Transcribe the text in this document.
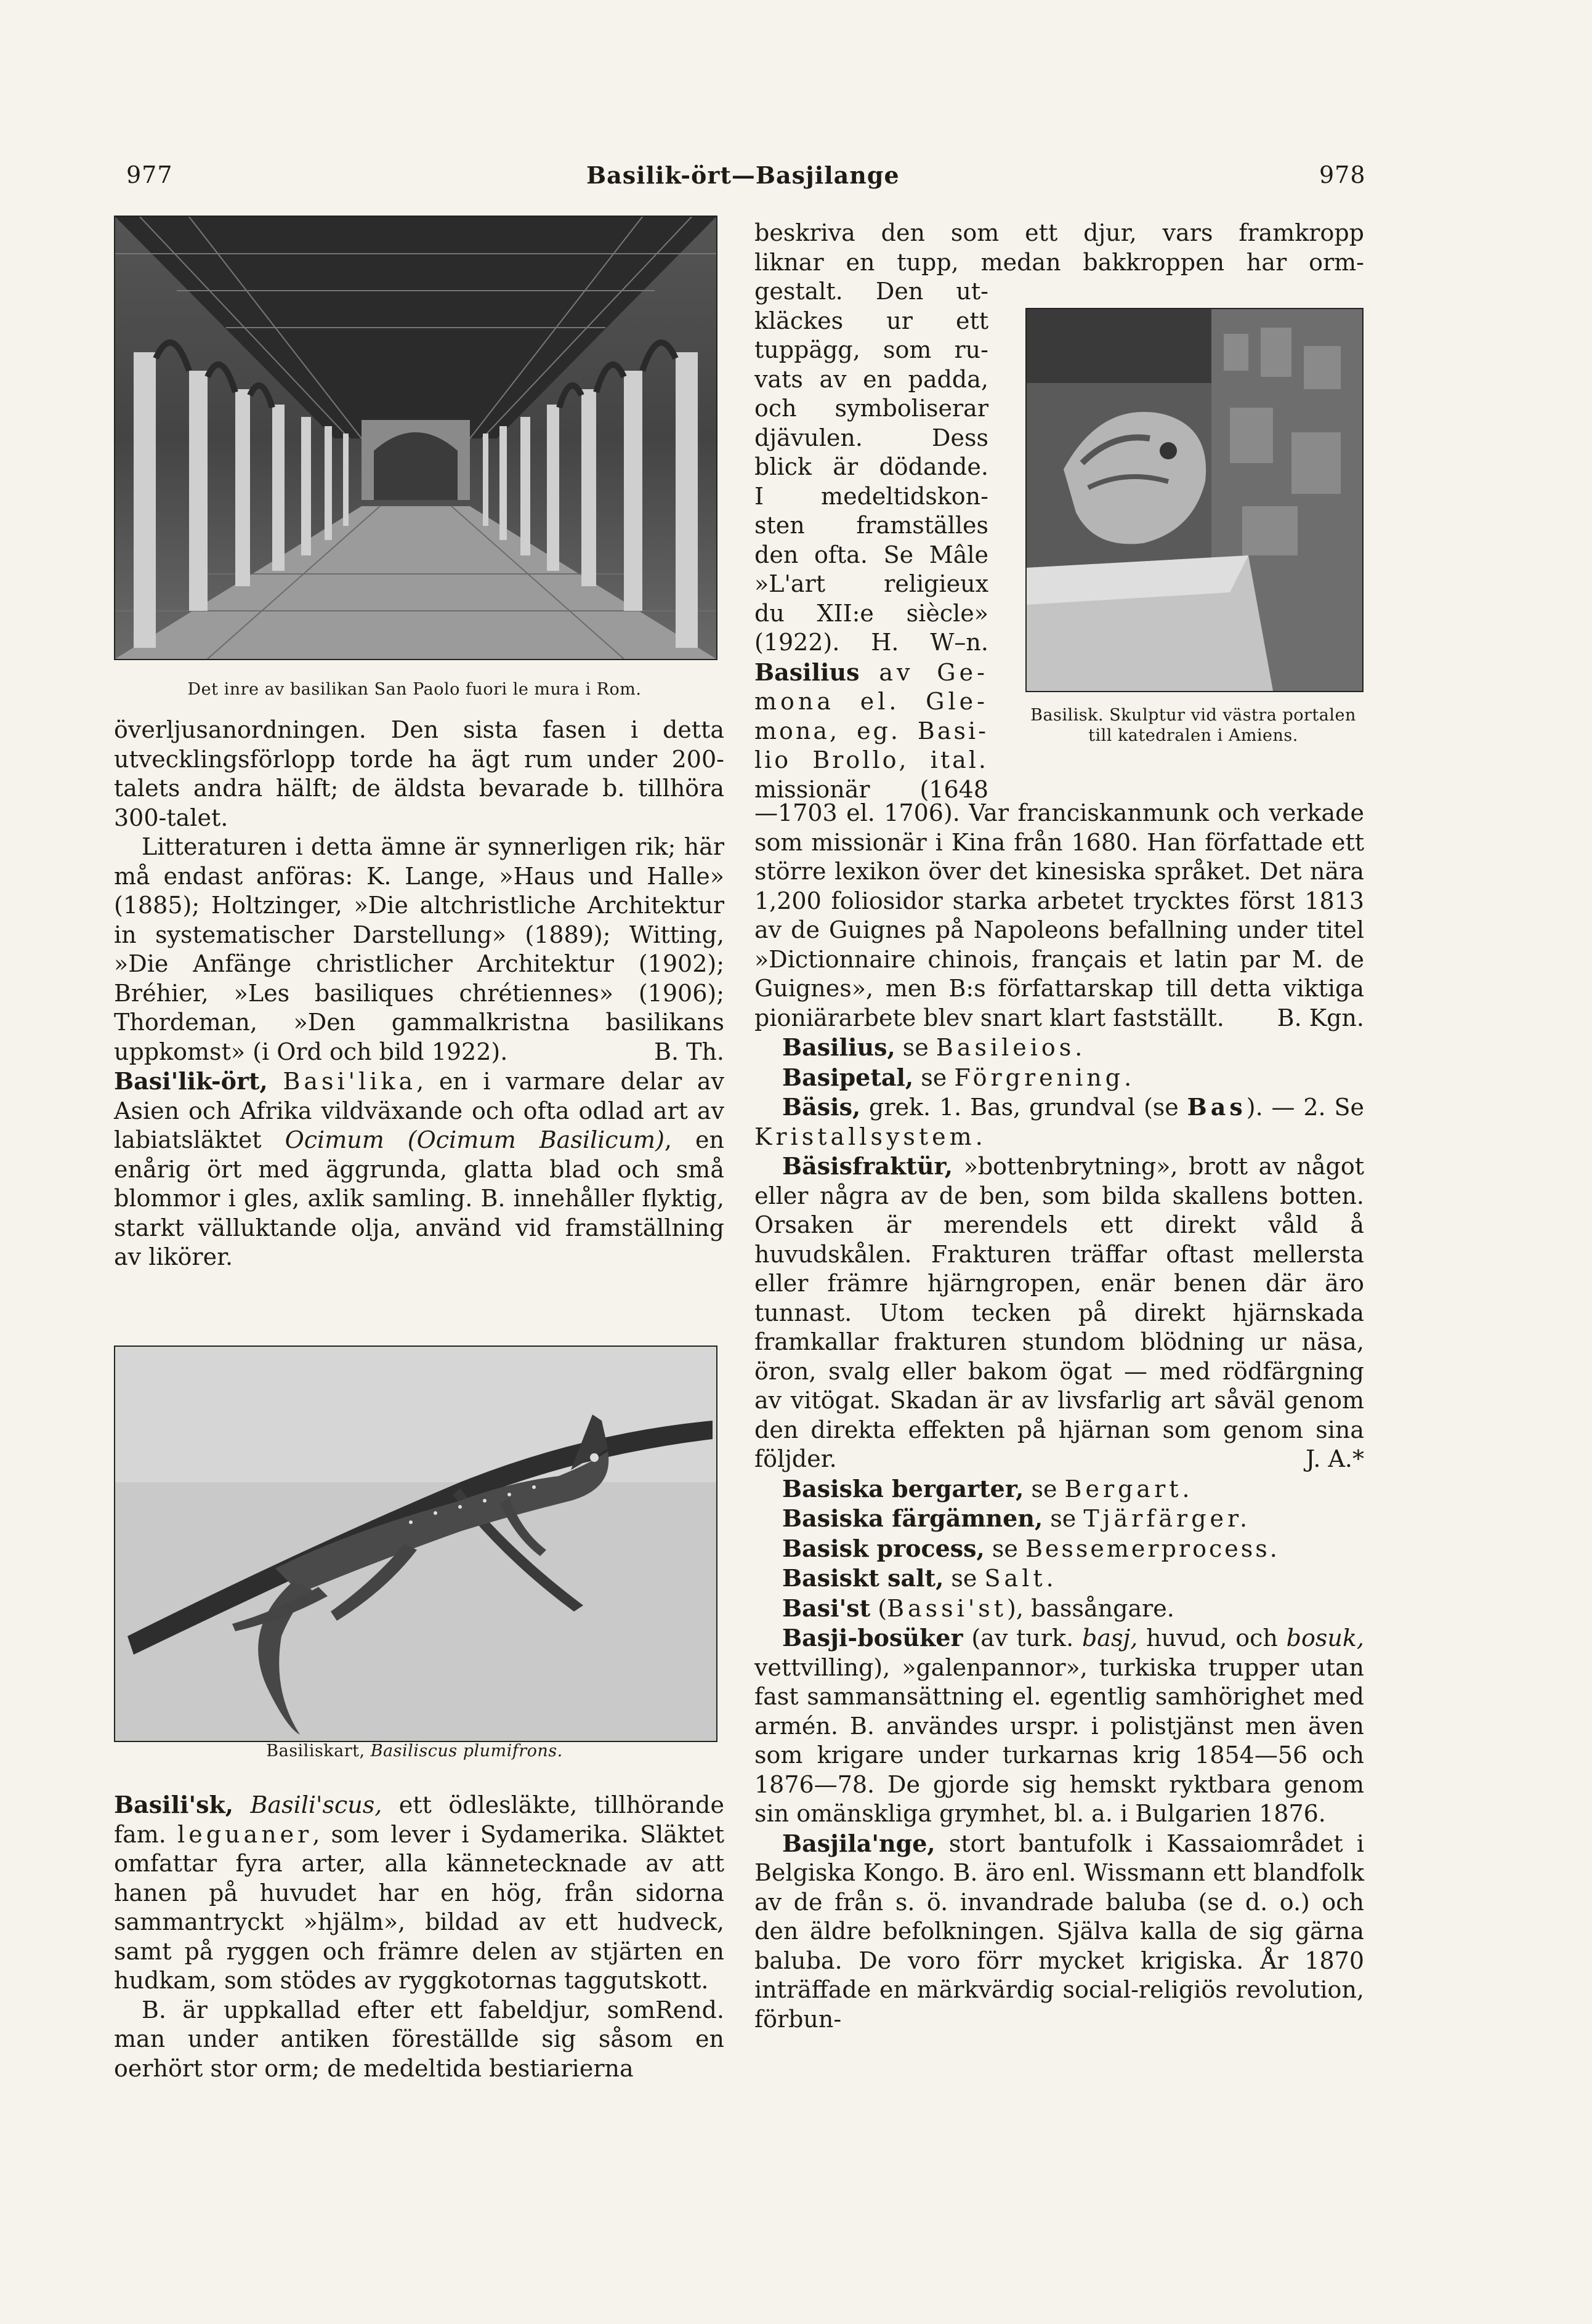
977	Basilik-ört—Basjilange	978
Det inre av basilikan San Paolo fuori le mura i Rom.

överljusanordningen. Den sista fasen i detta utvecklingsförlopp torde ha ägt rum under 200-talets andra hälft; de äldsta bevarade b. tillhöra 300-talet.

Litteraturen i detta ämne är synnerligen rik; här må endast anföras: K. Lange, »Haus und Halle» (1885); Holtzinger, »Die altchristliche Architektur in systematischer Darstellung» (1889); Witting, »Die Anfänge christlicher Architektur (1902); Bréhier, »Les basiliques chrétiennes» (1906); Thordeman, »Den gammalkristna basilikans uppkomst» (i Ord och bild 1922).	B. Th.

Basi'lik-ört, Basi'lika, en i varmare delar av Asien och Afrika vildväxande och ofta odlad art av labiatsläktet Ocimum (Ocimum Basilicum), en enårig ört med äggrunda, glatta blad och små blommor i gles, axlik samling. B. innehåller flyktig, starkt välluktande olja, använd vid framställning av likörer.

Basiliskart, Basiliscus plumifrons.

Basili'sk, Basili'scus, ett ödlesläkte, tillhörande fam. leguaner, som lever i Sydamerika. Släktet omfattar fyra arter, alla kännetecknade av att hanen på huvudet har en hög, från sidorna sammantryckt »hjälm», bildad av ett hudveck, samt på ryggen och främre delen av stjärten en hudkam, som stödes av ryggkotornas taggutskott.
Rend.

B. är uppkallad efter ett fabeldjur, som man under antiken föreställde sig såsom en oerhört stor orm; de medeltida bestiarierna

beskriva den som ett djur, vars framkropp

liknar en tupp, medan bakkroppen har orm-

gestalt. Den ut-

kläckes ur ett

tuppägg, som ru-

vats av en padda,

och symboliserar

djävulen. Dess

blick är dödande.

I medeltidskon-

sten framställes

den ofta. Se Mâle

»L'art religieux

du XII:e siècle»

(1922). H. W–n.

Basilius av Ge-

mona el. Gle-

mona, eg. Basi-

lio Brollo, ital.

missionär (1648

Basilisk. Skulptur vid västra portalen till katedralen i Amiens.

—1703 el. 1706). Var franciskanmunk och verkade som missionär i Kina från 1680. Han författade ett större lexikon över det kinesiska språket. Det nära 1,200 foliosidor starka arbetet trycktes först 1813 av de Guignes på Napoleons befallning under titel »Dictionnaire chinois, français et latin par M. de Guignes», men B:s författarskap till detta viktiga pioniärarbete blev snart klart fastställt. B. Kgn.

Basilius, se Basileios.

Basipetal, se Förgrening.

Bäsis, grek. 1. Bas, grundval (se Bas). — 2. Se Kristallsystem.

Bäsisfraktür, »bottenbrytning», brott av något eller några av de ben, som bilda skallens botten. Orsaken är merendels ett direkt våld å huvudskålen. Frakturen träffar oftast mellersta eller främre hjärngropen, enär benen där äro tunnast. Utom tecken på direkt hjärnskada framkallar frakturen stundom blödning ur näsa, öron, svalg eller bakom ögat — med rödfärgning av vitögat. Skadan är av livsfarlig art såväl genom den direkta effekten på hjärnan som genom sina följder.	J. A.*

Basiska bergarter, se Bergart.

Basiska färgämnen, se Tjärfärger.

Basisk process, se Bessemerprocess.

Basiskt salt, se Salt.

Basi'st (Bassi'st), bassångare.

Basji-bosüker (av turk. basj, huvud, och bosuk, vettvilling), »galenpannor», turkiska trupper utan fast sammansättning el. egentlig samhörighet med armén. B. användes urspr. i polistjänst men även som krigare under turkarnas krig 1854—56 och 1876—78. De gjorde sig hemskt ryktbara genom sin omänskliga grymhet, bl. a. i Bulgarien 1876.

Basjila'nge, stort bantufolk i Kassaiområdet i Belgiska Kongo. B. äro enl. Wissmann ett blandfolk av de från s. ö. invandrade baluba (se d. o.) och den äldre befolkningen. Själva kalla de sig gärna baluba. De voro förr mycket krigiska. År 1870 inträffade en märkvärdig social-religiös revolution, förbun-
